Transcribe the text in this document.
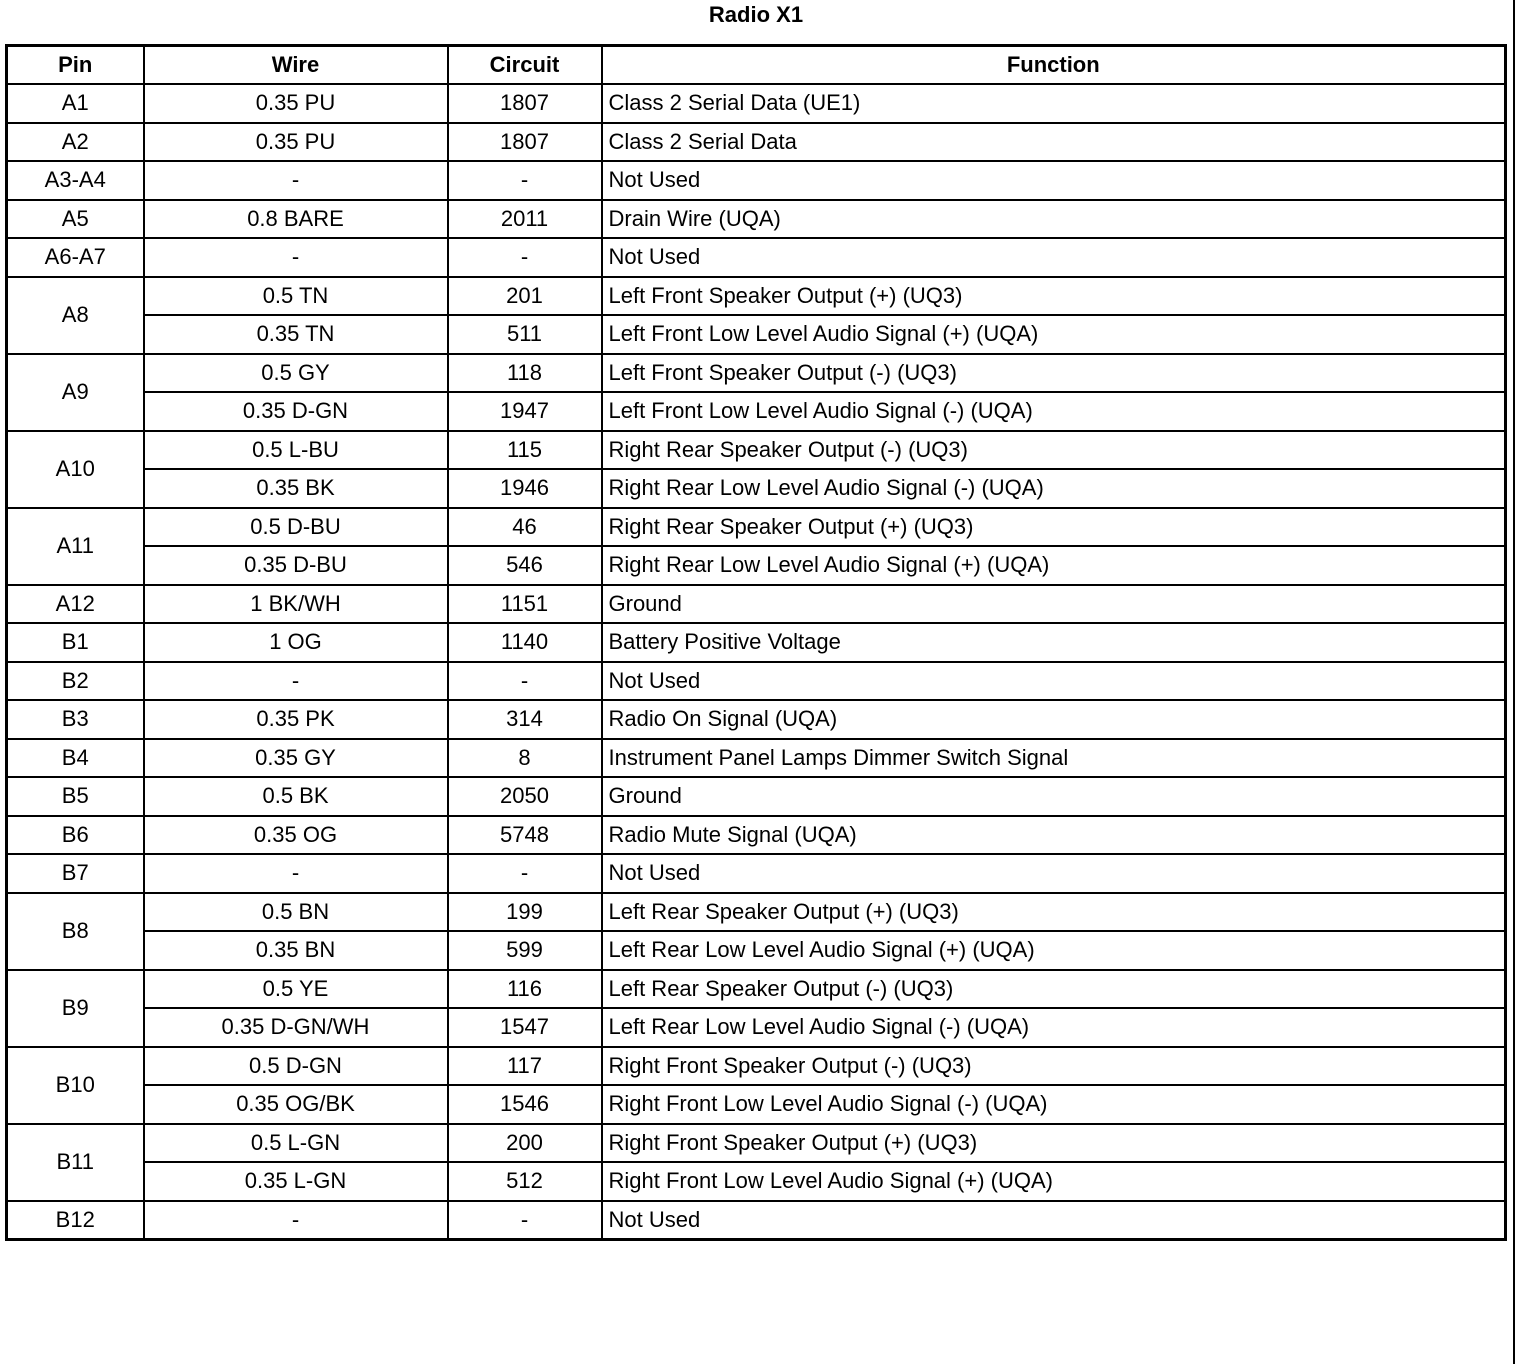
Radio X1
Pin	Wire	Circuit	Function
A1	0.35 PU	1807	Class 2 Serial Data (UE1)
A2	0.35 PU	1807	Class 2 Serial Data
A3-A4	-	-	Not Used
A5	0.8 BARE	2011	Drain Wire (UQA)
A6-A7	-	-	Not Used
A8	0.5 TN	201	Left Front Speaker Output (+) (UQ3)
	0.35 TN	511	Left Front Low Level Audio Signal (+) (UQA)
A9	0.5 GY	118	Left Front Speaker Output (-) (UQ3)
	0.35 D-GN	1947	Left Front Low Level Audio Signal (-) (UQA)
A10	0.5 L-BU	115	Right Rear Speaker Output (-) (UQ3)
	0.35 BK	1946	Right Rear Low Level Audio Signal (-) (UQA)
A11	0.5 D-BU	46	Right Rear Speaker Output (+) (UQ3)
	0.35 D-BU	546	Right Rear Low Level Audio Signal (+) (UQA)
A12	1 BK/WH	1151	Ground
B1	1 OG	1140	Battery Positive Voltage
B2	-	-	Not Used
B3	0.35 PK	314	Radio On Signal (UQA)
B4	0.35 GY	8	Instrument Panel Lamps Dimmer Switch Signal
B5	0.5 BK	2050	Ground
B6	0.35 OG	5748	Radio Mute Signal (UQA)
B7	-	-	Not Used
B8	0.5 BN	199	Left Rear Speaker Output (+) (UQ3)
	0.35 BN	599	Left Rear Low Level Audio Signal (+) (UQA)
B9	0.5 YE	116	Left Rear Speaker Output (-) (UQ3)
	0.35 D-GN/WH	1547	Left Rear Low Level Audio Signal (-) (UQA)
B10	0.5 D-GN	117	Right Front Speaker Output (-) (UQ3)
	0.35 OG/BK	1546	Right Front Low Level Audio Signal (-) (UQA)
B11	0.5 L-GN	200	Right Front Speaker Output (+) (UQ3)
	0.35 L-GN	512	Right Front Low Level Audio Signal (+) (UQA)
B12	-	-	Not Used
